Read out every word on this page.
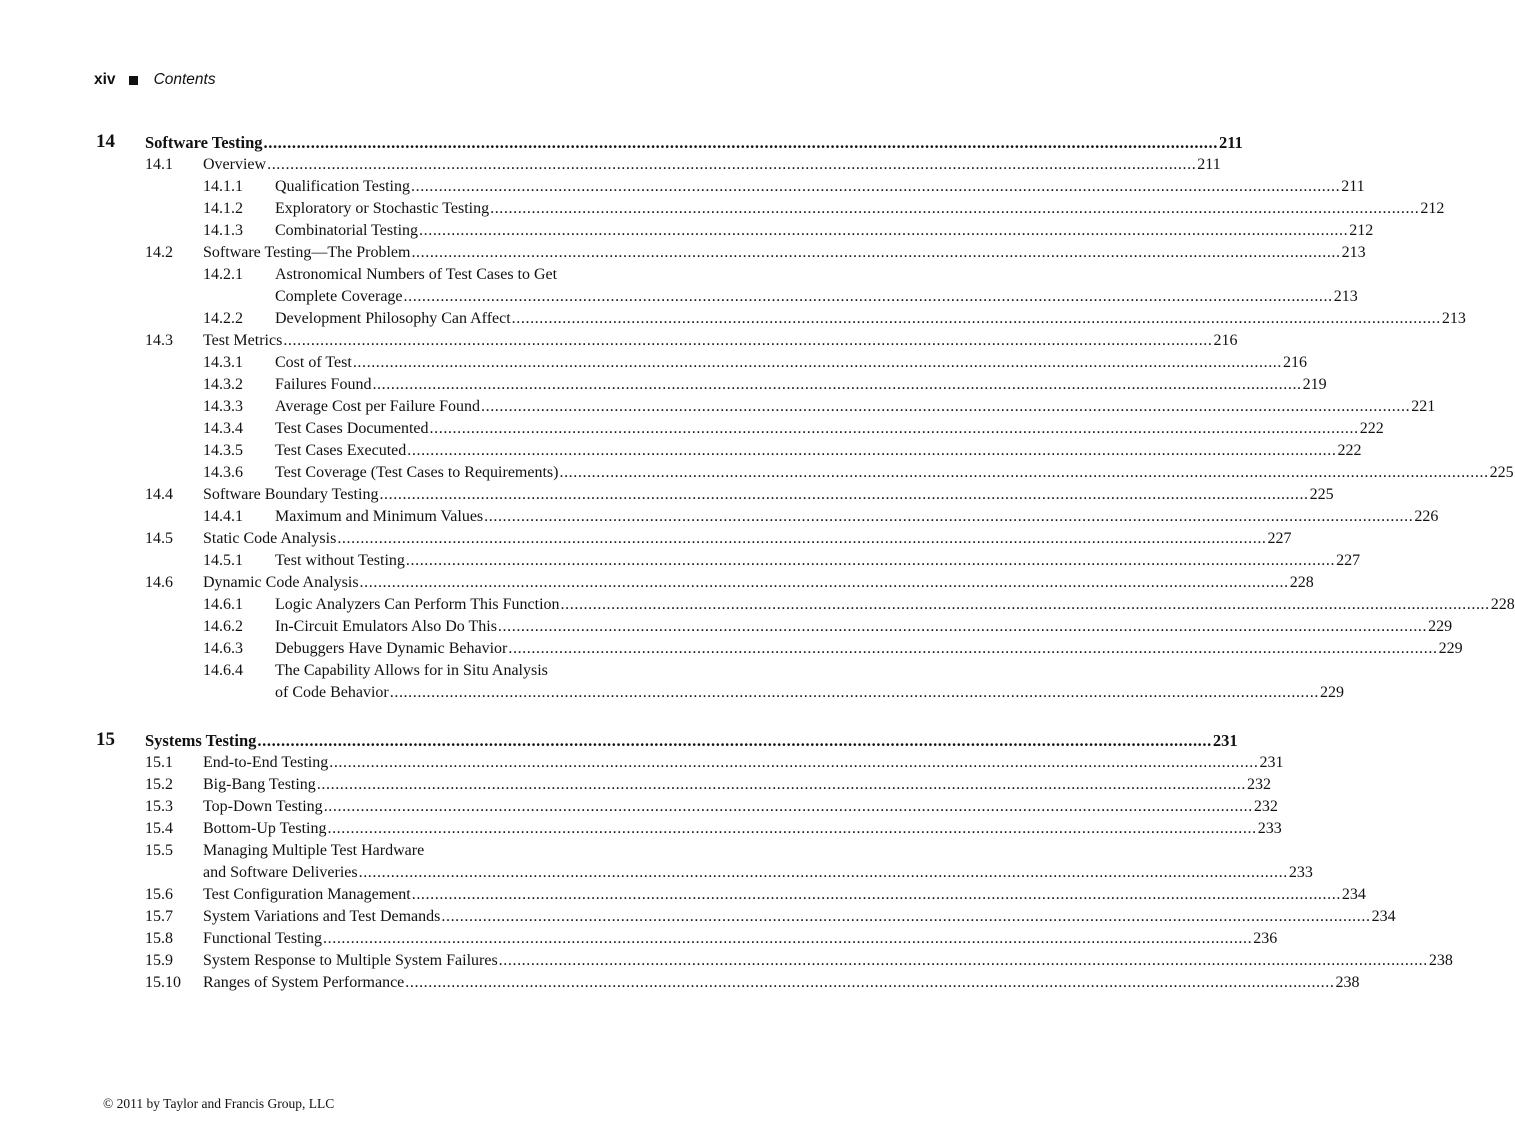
xiv Contents
14 Software Testing .......................................................................................................................................................................................................... 211
14.1 Overview .......................................................................................................................................................................................................... 211
14.1.1 Qualification Testing .......................................................................................................................................................................................................... 211
14.1.2 Exploratory or Stochastic Testing .......................................................................................................................................................................................................... 212
14.1.3 Combinatorial Testing .......................................................................................................................................................................................................... 212
14.2 Software Testing—The Problem .......................................................................................................................................................................................................... 213
14.2.1 Astronomical Numbers of Test Cases to Get
Complete Coverage .......................................................................................................................................................................................................... 213
14.2.2 Development Philosophy Can Affect .......................................................................................................................................................................................................... 213
14.3 Test Metrics .......................................................................................................................................................................................................... 216
14.3.1 Cost of Test .......................................................................................................................................................................................................... 216
14.3.2 Failures Found .......................................................................................................................................................................................................... 219
14.3.3 Average Cost per Failure Found .......................................................................................................................................................................................................... 221
14.3.4 Test Cases Documented .......................................................................................................................................................................................................... 222
14.3.5 Test Cases Executed .......................................................................................................................................................................................................... 222
14.3.6 Test Coverage (Test Cases to Requirements) .......................................................................................................................................................................................................... 225
14.4 Software Boundary Testing .......................................................................................................................................................................................................... 225
14.4.1 Maximum and Minimum Values .......................................................................................................................................................................................................... 226
14.5 Static Code Analysis .......................................................................................................................................................................................................... 227
14.5.1 Test without Testing .......................................................................................................................................................................................................... 227
14.6 Dynamic Code Analysis .......................................................................................................................................................................................................... 228
14.6.1 Logic Analyzers Can Perform This Function .......................................................................................................................................................................................................... 228
14.6.2 In-Circuit Emulators Also Do This .......................................................................................................................................................................................................... 229
14.6.3 Debuggers Have Dynamic Behavior .......................................................................................................................................................................................................... 229
14.6.4 The Capability Allows for in Situ Analysis
of Code Behavior .......................................................................................................................................................................................................... 229
15 Systems Testing .......................................................................................................................................................................................................... 231
15.1 End-to-End Testing .......................................................................................................................................................................................................... 231
15.2 Big-Bang Testing .......................................................................................................................................................................................................... 232
15.3 Top-Down Testing .......................................................................................................................................................................................................... 232
15.4 Bottom-Up Testing .......................................................................................................................................................................................................... 233
15.5 Managing Multiple Test Hardware
and Software Deliveries .......................................................................................................................................................................................................... 233
15.6 Test Configuration Management .......................................................................................................................................................................................................... 234
15.7 System Variations and Test Demands .......................................................................................................................................................................................................... 234
15.8 Functional Testing .......................................................................................................................................................................................................... 236
15.9 System Response to Multiple System Failures .......................................................................................................................................................................................................... 238
15.10 Ranges of System Performance .......................................................................................................................................................................................................... 238
© 2011 by Taylor and Francis Group, LLC
